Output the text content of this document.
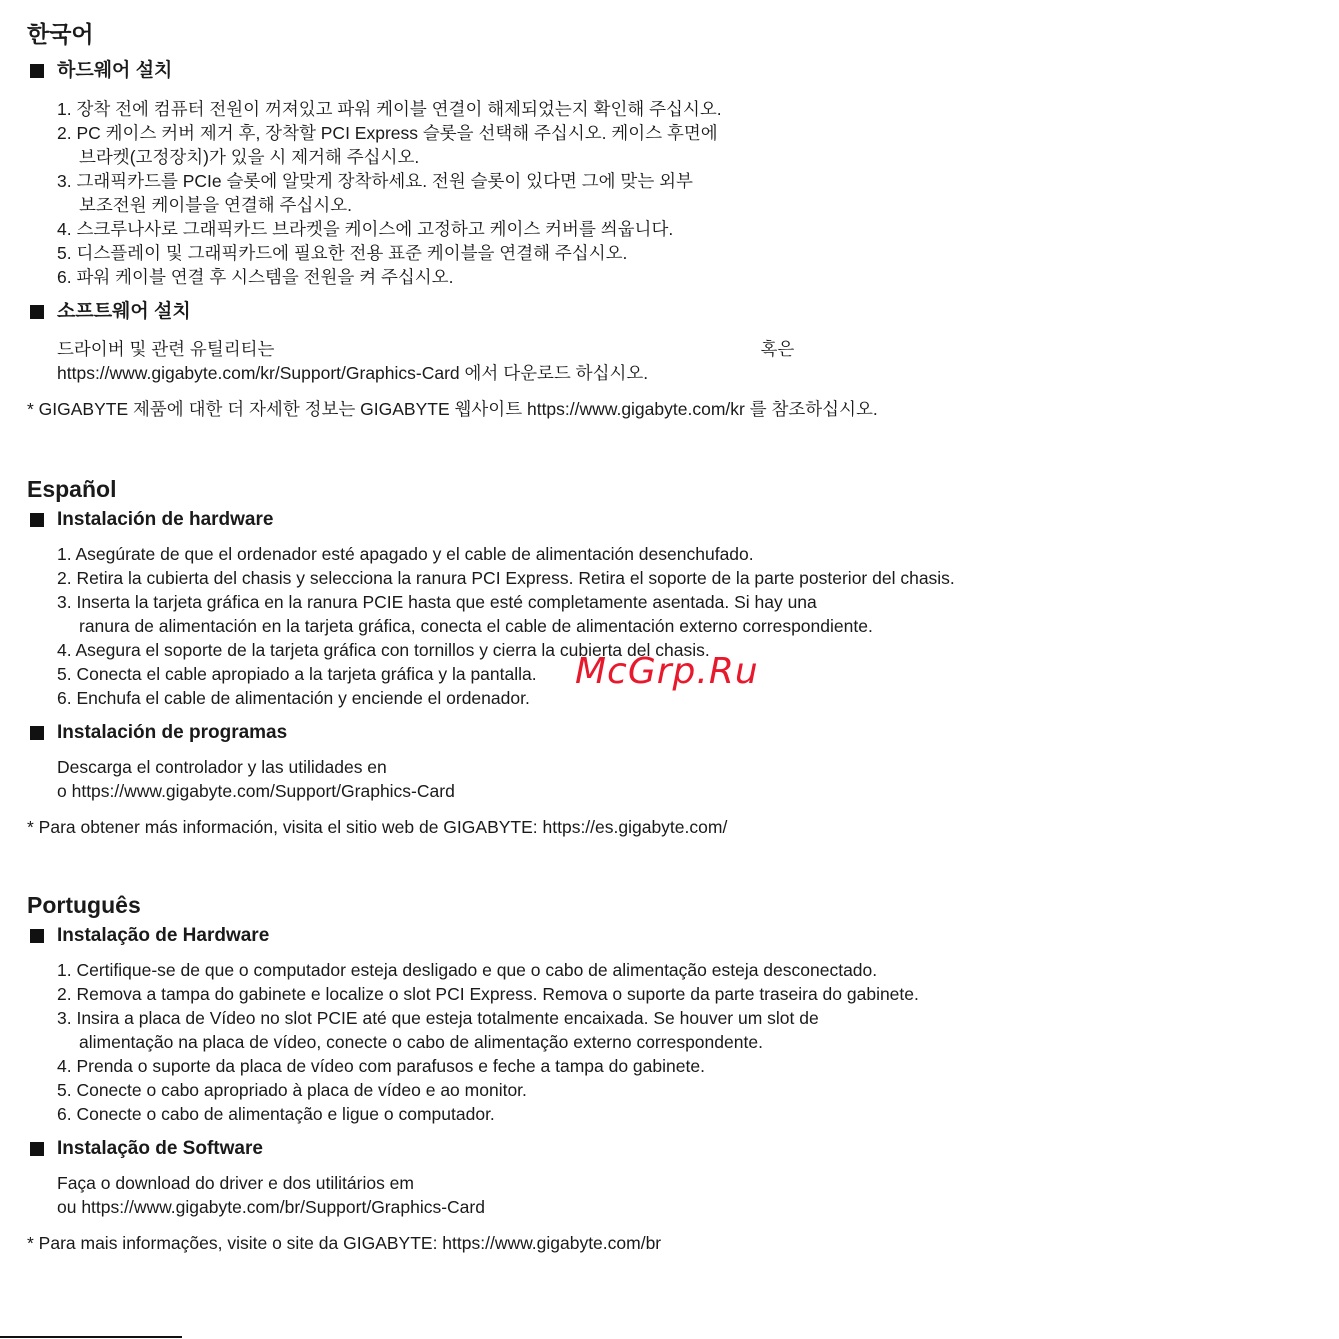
한국어
하드웨어 설치
1. 장착 전에 컴퓨터 전원이 꺼져있고 파워 케이블 연결이 해제되었는지 확인해 주십시오.
2. PC 케이스 커버 제거 후, 장착할 PCI Express 슬롯을 선택해 주십시오. 케이스 후면에
브라켓(고정장치)가 있을 시 제거해 주십시오.
3. 그래픽카드를 PCIe 슬롯에 알맞게 장착하세요. 전원 슬롯이 있다면 그에 맞는 외부
보조전원 케이블을 연결해 주십시오.
4. 스크루나사로 그래픽카드 브라켓을 케이스에 고정하고 케이스 커버를 씌웁니다.
5. 디스플레이 및 그래픽카드에 필요한 전용 표준 케이블을 연결해 주십시오.
6. 파워 케이블 연결 후 시스템을 전원을 켜 주십시오.
소프트웨어 설치
드라이버 및 관련 유틸리티는	혹은
https://www.gigabyte.com/kr/Support/Graphics-Card 에서 다운로드 하십시오.
* GIGABYTE 제품에 대한 더 자세한 정보는 GIGABYTE 웹사이트 https://www.gigabyte.com/kr 를 참조하십시오.
Español
Instalación de hardware
1. Asegúrate de que el ordenador esté apagado y el cable de alimentación desenchufado.
2. Retira la cubierta del chasis y selecciona la ranura PCI Express. Retira el soporte de la parte posterior del chasis.
3. Inserta la tarjeta gráfica en la ranura PCIE hasta que esté completamente asentada. Si hay una
ranura de alimentación en la tarjeta gráfica, conecta el cable de alimentación externo correspondiente.
4. Asegura el soporte de la tarjeta gráfica con tornillos y cierra la cubierta del chasis.
5. Conecta el cable apropiado a la tarjeta gráfica y la pantalla.
6. Enchufa el cable de alimentación y enciende el ordenador.
Instalación de programas
Descarga el controlador y las utilidades en
o https://www.gigabyte.com/Support/Graphics-Card
* Para obtener más información, visita el sitio web de GIGABYTE: https://es.gigabyte.com/
Português
Instalação de Hardware
1. Certifique-se de que o computador esteja desligado e que o cabo de alimentação esteja desconectado.
2. Remova a tampa do gabinete e localize o slot PCI Express. Remova o suporte da parte traseira do gabinete.
3. Insira a placa de Vídeo no slot PCIE até que esteja totalmente encaixada. Se houver um slot de
alimentação na placa de vídeo, conecte o cabo de alimentação externo correspondente.
4. Prenda o suporte da placa de vídeo com parafusos e feche a tampa do gabinete.
5. Conecte o cabo apropriado à placa de vídeo e ao monitor.
6. Conecte o cabo de alimentação e ligue o computador.
Instalação de Software
Faça o download do driver e dos utilitários em
ou https://www.gigabyte.com/br/Support/Graphics-Card
* Para mais informações, visite o site da GIGABYTE: https://www.gigabyte.com/br
McGrp.Ru
